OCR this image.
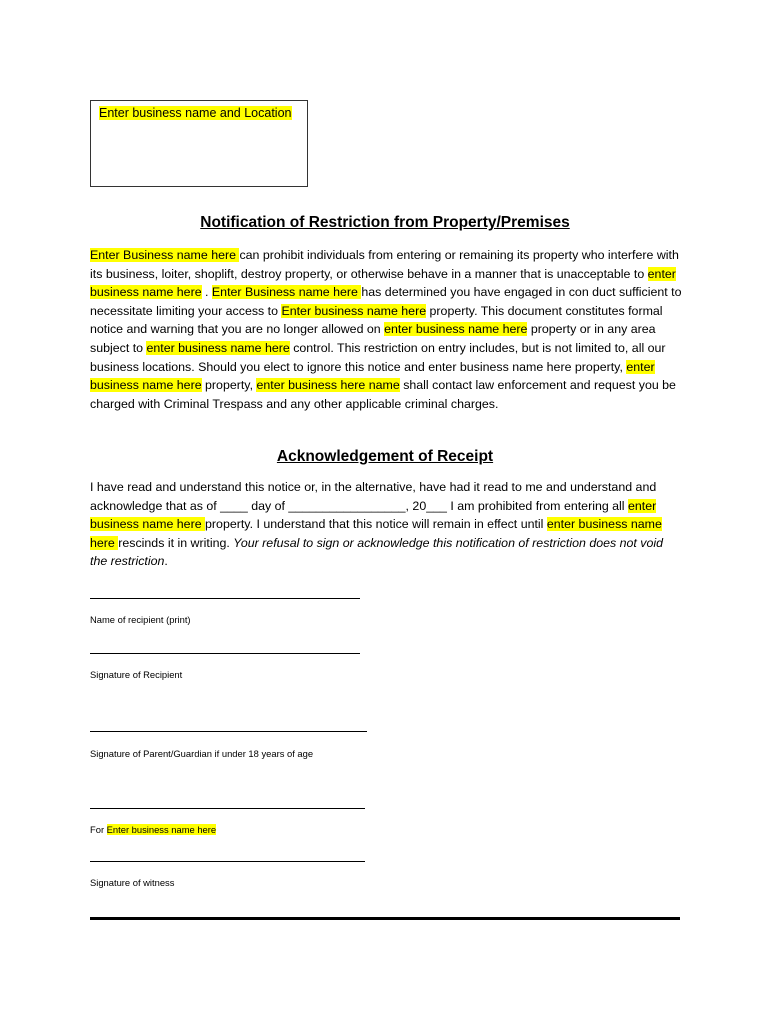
Enter business name and Location
Notification of Restriction from Property/Premises
Enter Business name here can prohibit individuals from entering or remaining its property who interfere with its business, loiter, shoplift, destroy property, or otherwise behave in a manner that is unacceptable to enter business name here . Enter Business name here has determined you have engaged in con duct sufficient to necessitate limiting your access to Enter business name here property. This document constitutes formal notice and warning that you are no longer allowed on enter business name here property or in any area subject to enter business name here control. This restriction on entry includes, but is not limited to, all our business locations. Should you elect to ignore this notice and enter business name here property, enter business name here property, enter business here name shall contact law enforcement and request you be charged with Criminal Trespass and any other applicable criminal charges.
Acknowledgement of Receipt
I have read and understand this notice or, in the alternative, have had it read to me and understand and acknowledge that as of ____ day of _________________, 20___ I am prohibited from entering all enter business name here property. I understand that this notice will remain in effect until enter business name here rescinds it in writing. Your refusal to sign or acknowledge this notification of restriction does not void the restriction.
Name of recipient (print)
Signature of Recipient
Signature of Parent/Guardian if under 18 years of age
For Enter business name here
Signature of witness
